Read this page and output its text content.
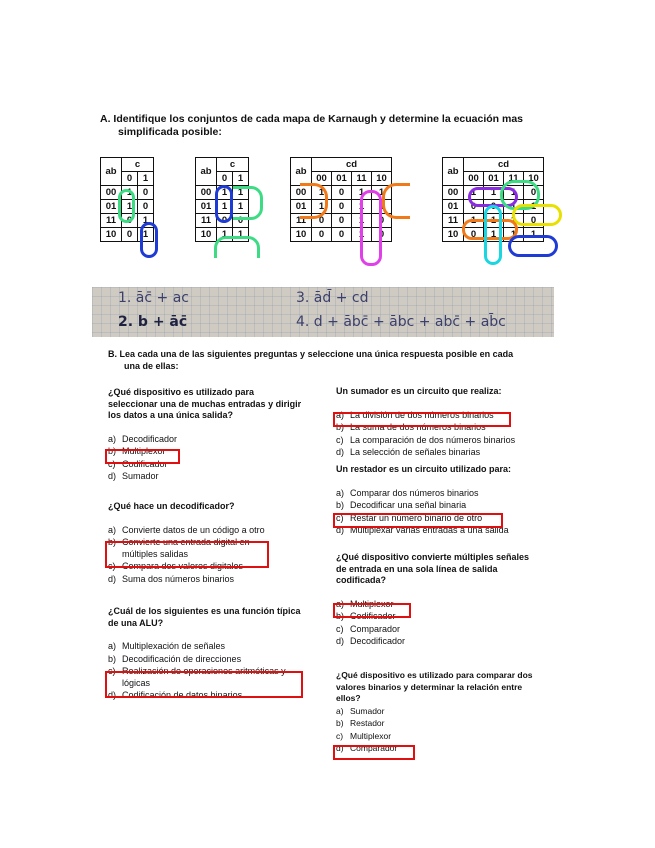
A. Identifique los conjuntos de cada mapa de Karnaugh y determine la ecuación mas
simplificada posible:
ab	c	
	0	1
00	1	0
01	1	0
11	0	1
10	0	1
ab	c	
	0	1
00	1	1
01	1	1
11	0	0
10	1	1
ab	cd			
	00	01	11	10
00	1	0	1	1
01	1	0	1	1
11	0	0	1	0
10	0	0	1	0
ab	cd			
	00	01	11	10
00	1	1	1	0
01	0	0	1	1
11	1	1	1	0
10	0	1	1	1
1. āc̄ + ac
2. b + āc̄
3. ād̄ + cd
4. d + ābc̄ + ābc + abc̄ + ab̄c
B. Lea cada una de las siguientes preguntas y seleccione una única respuesta posible en cada
una de ellas:
¿Qué dispositivo es utilizado para
seleccionar una de muchas entradas y dirigir
los datos a una única salida?
a) Decodificador
b) Multiplexor
c) Codificador
d) Sumador
¿Qué hace un decodificador?
a) Convierte datos de un código a otro
b) Convierte una entrada digital en
múltiples salidas
c) Compara dos valores digitales
d) Suma dos números binarios
¿Cuál de los siguientes es una función típica
de una ALU?
a) Multiplexación de señales
b) Decodificación de direcciones
c) Realización de operaciones aritméticas y
lógicas
d) Codificación de datos binarios
Un sumador es un circuito que realiza:
a) La división de dos números binarios
b) La suma de dos números binarios
c) La comparación de dos números binarios
d) La selección de señales binarias
Un restador es un circuito utilizado para:
a) Comparar dos números binarios
b) Decodificar una señal binaria
c) Restar un número binario de otro
d) Multiplexar varias entradas a una salida
¿Qué dispositivo convierte múltiples señales
de entrada en una sola línea de salida
codificada?
a) Multiplexor
b) Codificador
c) Comparador
d) Decodificador
¿Qué dispositivo es utilizado para comparar dos
valores binarios y determinar la relación entre
ellos?
a) Sumador
b) Restador
c) Multiplexor
d) Comparador
